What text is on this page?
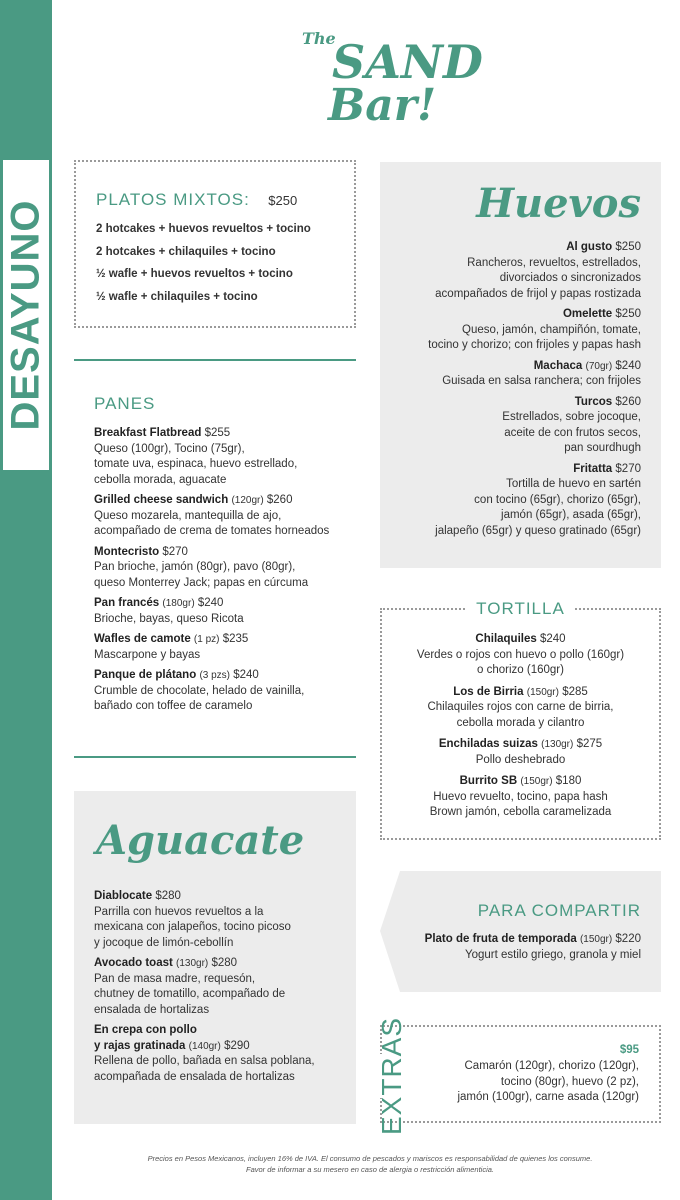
DESAYUNO
The
SAND
Bar!
PLATOS MIXTOS: $250
2 hotcakes + huevos revueltos + tocino
2 hotcakes + chilaquiles + tocino
½ wafle + huevos revueltos + tocino
½ wafle + chilaquiles + tocino
PANES
Breakfast Flatbread $255
Queso (100gr), Tocino (75gr),
tomate uva, espinaca, huevo estrellado,
cebolla morada, aguacate
Grilled cheese sandwich (120gr) $260
Queso mozarela, mantequilla de ajo,
acompañado de crema de tomates horneados
Montecristo $270
Pan brioche, jamón (80gr), pavo (80gr),
queso Monterrey Jack; papas en cúrcuma
Pan francés (180gr) $240
Brioche, bayas, queso Ricota
Wafles de camote (1 pz) $235
Mascarpone y bayas
Panque de plátano (3 pzs) $240
Crumble de chocolate, helado de vainilla,
bañado con toffee de caramelo
Aguacate
Diablocate $280
Parrilla con huevos revueltos a la
mexicana con jalapeños, tocino picoso
y jocoque de limón-cebollín
Avocado toast (130gr) $280
Pan de masa madre, requesón,
chutney de tomatillo, acompañado de
ensalada de hortalizas
En crepa con pollo
y rajas gratinada (140gr) $290
Rellena de pollo, bañada en salsa poblana,
acompañada de ensalada de hortalizas
Huevos
Al gusto $250
Rancheros, revueltos, estrellados,
divorciados o sincronizados
acompañados de frijol y papas rostizada
Omelette $250
Queso, jamón, champiñón, tomate,
tocino y chorizo; con frijoles y papas hash
Machaca (70gr) $240
Guisada en salsa ranchera; con frijoles
Turcos $260
Estrellados, sobre jocoque,
aceite de con frutos secos,
pan sourdhugh
Fritatta $270
Tortilla de huevo en sartén
con tocino (65gr), chorizo (65gr),
jamón (65gr), asada (65gr),
jalapeño (65gr) y queso gratinado (65gr)
TORTILLA
Chilaquiles $240
Verdes o rojos con huevo o pollo (160gr)
o chorizo (160gr)
Los de Birria (150gr) $285
Chilaquiles rojos con carne de birria,
cebolla morada y cilantro
Enchiladas suizas (130gr) $275
Pollo deshebrado
Burrito SB (150gr) $180
Huevo revuelto, tocino, papa hash
Brown jamón, cebolla caramelizada
PARA COMPARTIR
Plato de fruta de temporada (150gr) $220
Yogurt estilo griego, granola y miel
EXTRAS	$95
Camarón (120gr), chorizo (120gr),
tocino (80gr), huevo (2 pz),
jamón (100gr), carne asada (120gr)
Precios en Pesos Mexicanos, incluyen 16% de IVA. El consumo de pescados y mariscos es responsabilidad de quienes los consume.
Favor de informar a su mesero en caso de alergia o restricción alimenticia.
